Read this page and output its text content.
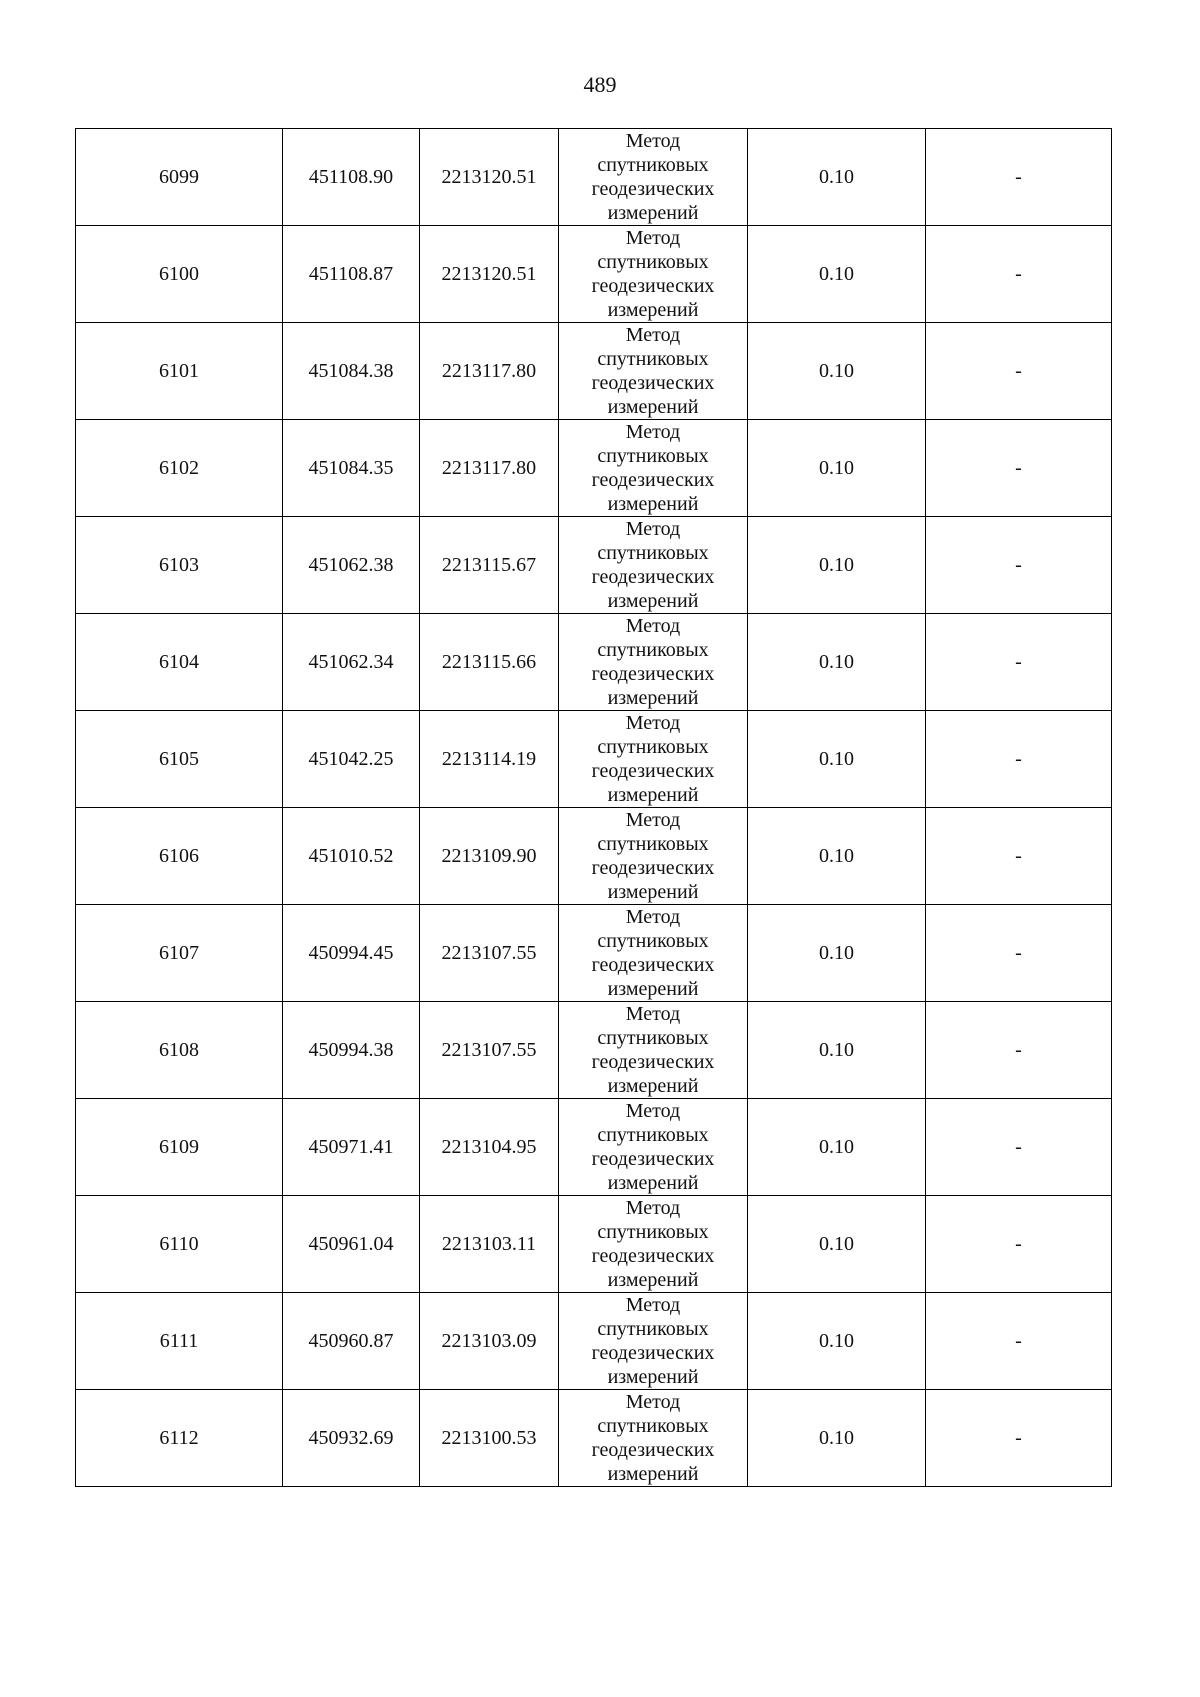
489
6099	451108.90	2213120.51	Метод
спутниковых
геодезических
измерений	0.10	-
6100	451108.87	2213120.51	Метод
спутниковых
геодезических
измерений	0.10	-
6101	451084.38	2213117.80	Метод
спутниковых
геодезических
измерений	0.10	-
6102	451084.35	2213117.80	Метод
спутниковых
геодезических
измерений	0.10	-
6103	451062.38	2213115.67	Метод
спутниковых
геодезических
измерений	0.10	-
6104	451062.34	2213115.66	Метод
спутниковых
геодезических
измерений	0.10	-
6105	451042.25	2213114.19	Метод
спутниковых
геодезических
измерений	0.10	-
6106	451010.52	2213109.90	Метод
спутниковых
геодезических
измерений	0.10	-
6107	450994.45	2213107.55	Метод
спутниковых
геодезических
измерений	0.10	-
6108	450994.38	2213107.55	Метод
спутниковых
геодезических
измерений	0.10	-
6109	450971.41	2213104.95	Метод
спутниковых
геодезических
измерений	0.10	-
6110	450961.04	2213103.11	Метод
спутниковых
геодезических
измерений	0.10	-
6111	450960.87	2213103.09	Метод
спутниковых
геодезических
измерений	0.10	-
6112	450932.69	2213100.53	Метод
спутниковых
геодезических
измерений	0.10	-
